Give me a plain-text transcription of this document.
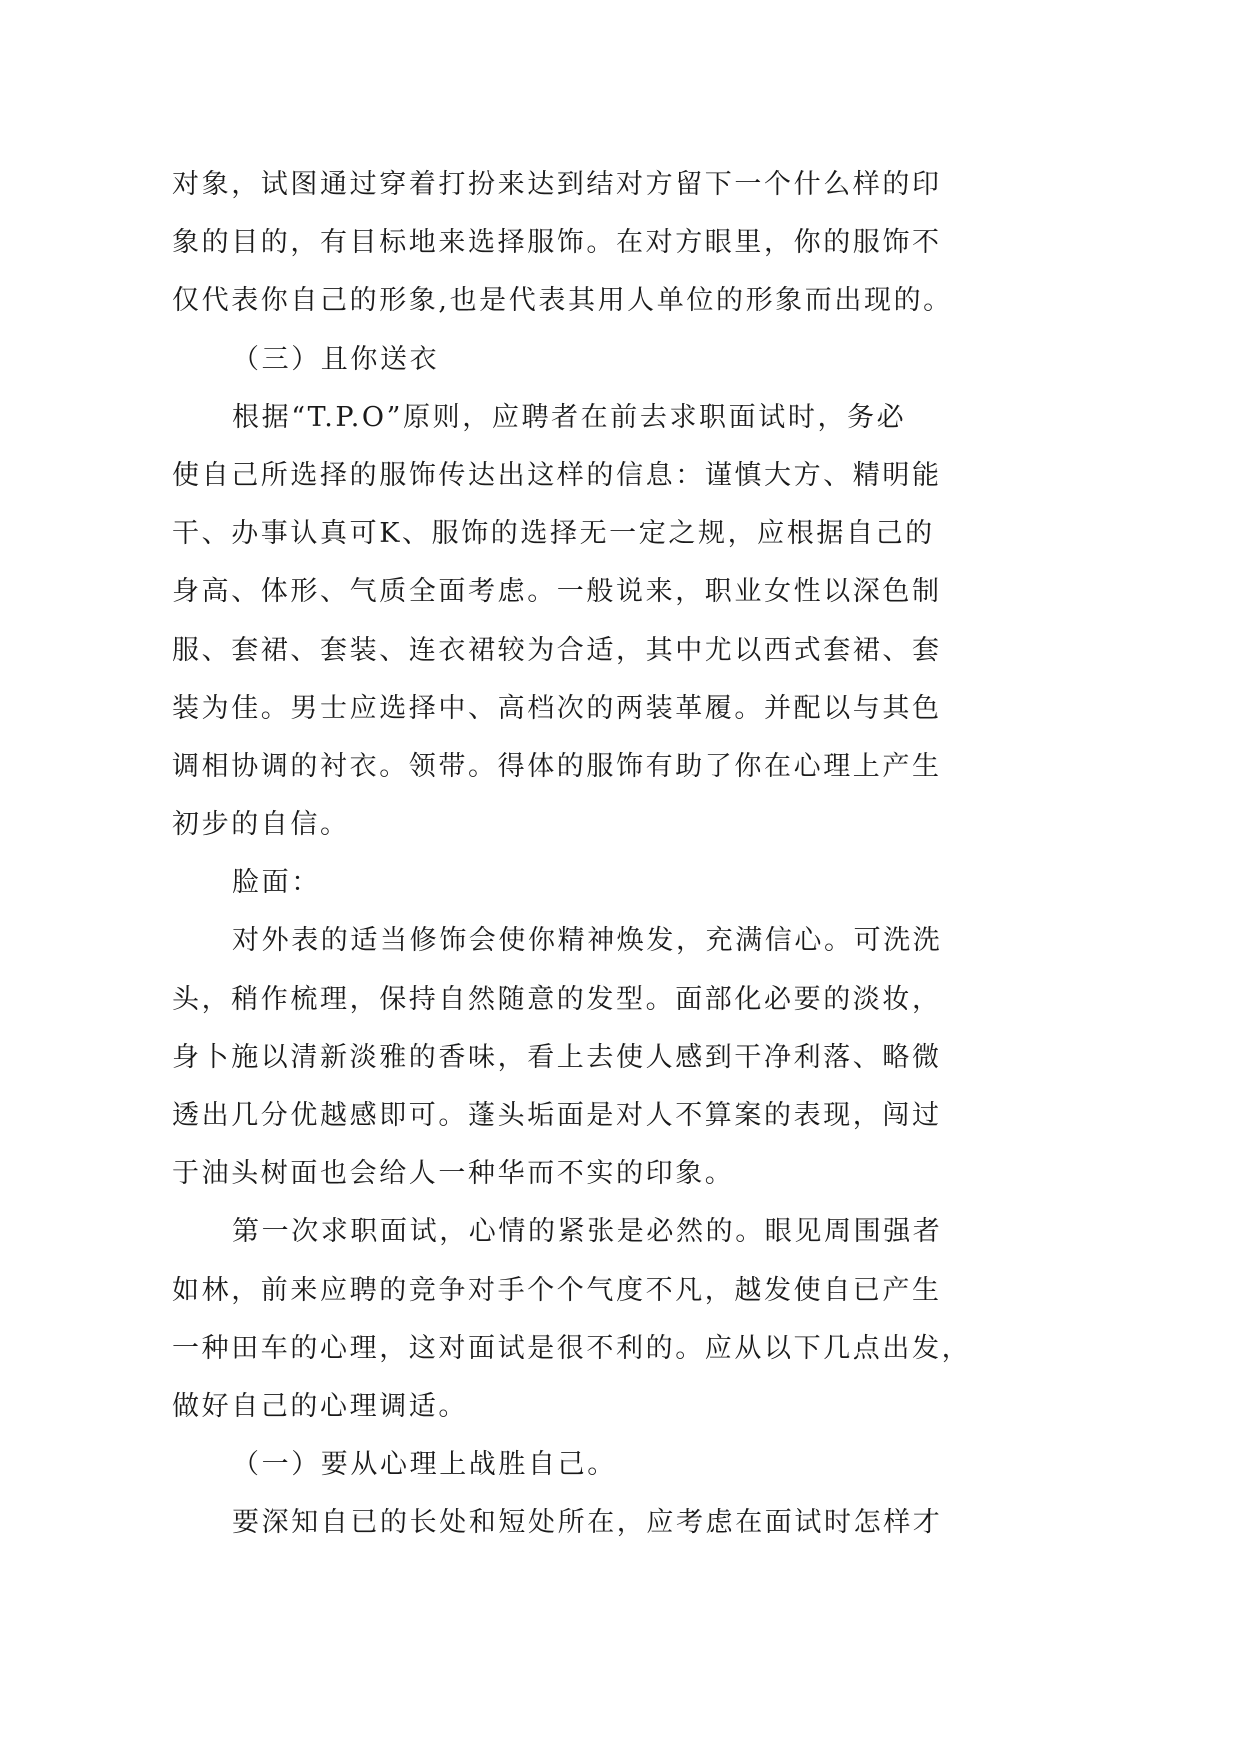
对象，试图通过穿着打扮来达到结对方留下一个什么样的印
象的目的，有目标地来选择服饰。在对方眼里，你的服饰不
仅代表你自己的形象,也是代表其用人单位的形象而出现的。
（三）且你送衣
根据“T.P.O”原则，应聘者在前去求职面试时，务必
使自己所选择的服饰传达出这样的信息：谨慎大方、精明能
干、办事认真可K、服饰的选择无一定之规，应根据自己的
身高、体形、气质全面考虑。一般说来，职业女性以深色制
服、套裙、套装、连衣裙较为合适，其中尤以西式套裙、套
装为佳。男士应选择中、高档次的两装革履。并配以与其色
调相协调的衬衣。领带。得体的服饰有助了你在心理上产生
初步的自信。
脸面：
对外表的适当修饰会使你精神焕发，充满信心。可洗洗
头，稍作梳理，保持自然随意的发型。面部化必要的淡妆，
身卜施以清新淡雅的香味，看上去使人感到干净利落、略微
透出几分优越感即可。蓬头垢面是对人不算案的表现，闯过
于油头树面也会给人一种华而不实的印象。
第一次求职面试，心情的紧张是必然的。眼见周围强者
如林，前来应聘的竞争对手个个气度不凡，越发使自已产生
一种田车的心理，这对面试是很不利的。应从以下几点出发，
做好自己的心理调适。
（一）要从心理上战胜自己。
要深知自已的长处和短处所在，应考虑在面试时怎样才
